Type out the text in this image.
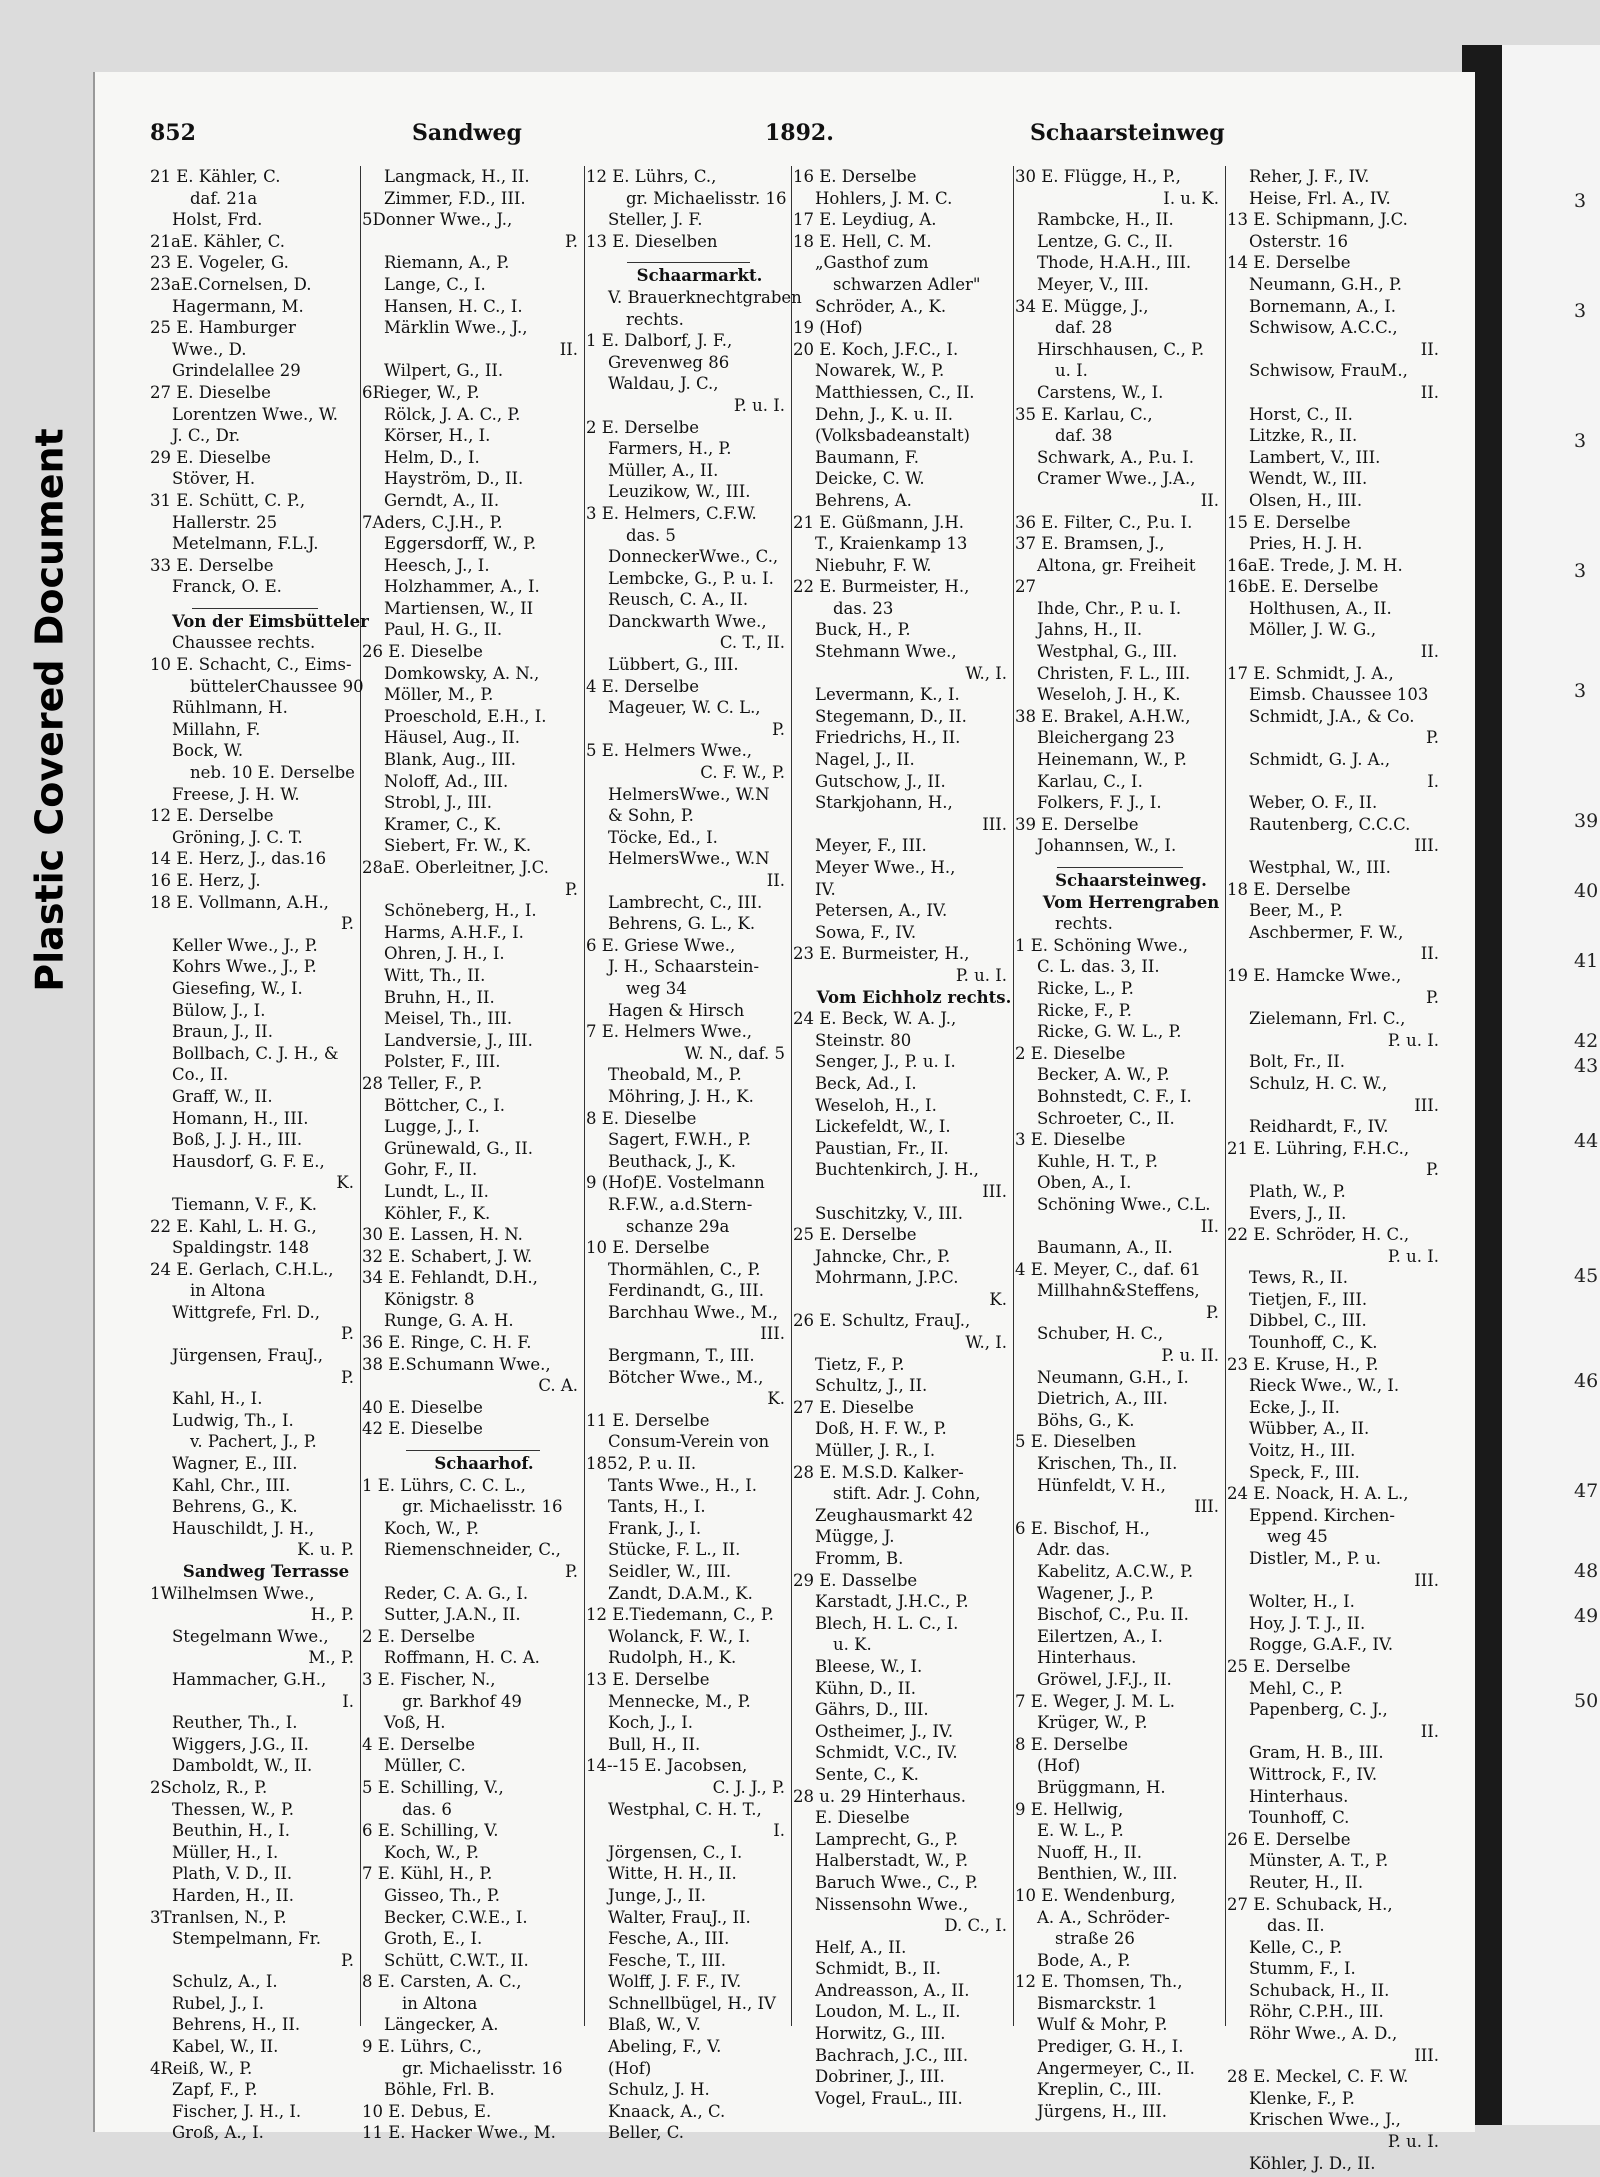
3
3
3
3
3
39
40
41
42
43
44
45
46
47
48
49
50
Plastic Covered Document
852	Sandweg	1892.	Schaarsteinweg
21 E. Kähler, C.
daf. 21a
Holst, Frd.
21aE. Kähler, C.
23 E. Vogeler, G.
23aE.Cornelsen, D.
Hagermann, M.
25 E. Hamburger
Wwe., D.
Grindelallee 29
27 E. Dieselbe
Lorentzen Wwe., W.
J. C., Dr.
29 E. Dieselbe
Stöver, H.
31 E. Schütt, C. P.,
Hallerstr. 25
Metelmann, F.L.J.
33 E. Derselbe
Franck, O. E.
Von der Eimsbütteler
Chaussee rechts.
10 E. Schacht, C., Eims-
büttelerChaussee 90
Rühlmann, H.
Millahn, F.
Bock, W.
neb. 10 E. Derselbe
Freese, J. H. W.
12 E. Derselbe
Gröning, J. C. T.
14 E. Herz, J., das.16
16 E. Herz, J.
18 E. Vollmann, A.H.,
P.
Keller Wwe., J., P.
Kohrs Wwe., J., P.
Giesefing, W., I.
Bülow, J., I.
Braun, J., II.
Bollbach, C. J. H., &
Co., II.
Graff, W., II.
Homann, H., III.
Boß, J. J. H., III.
Hausdorf, G. F. E.,
K.
Tiemann, V. F., K.
22 E. Kahl, L. H. G.,
Spaldingstr. 148
24 E. Gerlach, C.H.L.,
in Altona
Wittgrefe, Frl. D.,
P.
Jürgensen, FrauJ.,
P.
Kahl, H., I.
Ludwig, Th., I.
v. Pachert, J., P.
Wagner, E., III.
Kahl, Chr., III.
Behrens, G., K.
Hauschildt, J. H.,
K. u. P.
Sandweg Terrasse
1Wilhelmsen Wwe.,
H., P.
Stegelmann Wwe.,
M., P.
Hammacher, G.H.,
I.
Reuther, Th., I.
Wiggers, J.G., II.
Damboldt, W., II.
2Scholz, R., P.
Thessen, W., P.
Beuthin, H., I.
Müller, H., I.
Plath, V. D., II.
Harden, H., II.
3Tranlsen, N., P.
Stempelmann, Fr.
P.
Schulz, A., I.
Rubel, J., I.
Behrens, H., II.
Kabel, W., II.
4Reiß, W., P.
Zapf, F., P.
Fischer, J. H., I.
Groß, A., I.
Langmack, H., II.
Zimmer, F.D., III.
5Donner Wwe., J.,
P.
Riemann, A., P.
Lange, C., I.
Hansen, H. C., I.
Märklin Wwe., J.,
II.
Wilpert, G., II.
6Rieger, W., P.
Rölck, J. A. C., P.
Körser, H., I.
Helm, D., I.
Hayström, D., II.
Gerndt, A., II.
7Aders, C.J.H., P.
Eggersdorff, W., P.
Heesch, J., I.
Holzhammer, A., I.
Martiensen, W., II
Paul, H. G., II.
26 E. Dieselbe
Domkowsky, A. N.,
Möller, M., P.
Proeschold, E.H., I.
Häusel, Aug., II.
Blank, Aug., III.
Noloff, Ad., III.
Strobl, J., III.
Kramer, C., K.
Siebert, Fr. W., K.
28aE. Oberleitner, J.C.
P.
Schöneberg, H., I.
Harms, A.H.F., I.
Ohren, J. H., I.
Witt, Th., II.
Bruhn, H., II.
Meisel, Th., III.
Landversie, J., III.
Polster, F., III.
28 Teller, F., P.
Böttcher, C., I.
Lugge, J., I.
Grünewald, G., II.
Gohr, F., II.
Lundt, L., II.
Köhler, F., K.
30 E. Lassen, H. N.
32 E. Schabert, J. W.
34 E. Fehlandt, D.H.,
Königstr. 8
Runge, G. A. H.
36 E. Ringe, C. H. F.
38 E.Schumann Wwe.,
C. A.
40 E. Dieselbe
42 E. Dieselbe
Schaarhof.
1 E. Lührs, C. C. L.,
gr. Michaelisstr. 16
Koch, W., P.
Riemenschneider, C.,
P.
Reder, C. A. G., I.
Sutter, J.A.N., II.
2 E. Derselbe
Roffmann, H. C. A.
3 E. Fischer, N.,
gr. Barkhof 49
Voß, H.
4 E. Derselbe
Müller, C.
5 E. Schilling, V.,
das. 6
6 E. Schilling, V.
Koch, W., P.
7 E. Kühl, H., P.
Gisseo, Th., P.
Becker, C.W.E., I.
Groth, E., I.
Schütt, C.W.T., II.
8 E. Carsten, A. C.,
in Altona
Längecker, A.
9 E. Lührs, C.,
gr. Michaelisstr. 16
Böhle, Frl. B.
10 E. Debus, E.
11 E. Hacker Wwe., M.
12 E. Lührs, C.,
gr. Michaelisstr. 16
Steller, J. F.
13 E. Dieselben
Schaarmarkt.
V. Brauerknechtgraben
rechts.
1 E. Dalborf, J. F.,
Grevenweg 86
Waldau, J. C.,
P. u. I.
2 E. Derselbe
Farmers, H., P.
Müller, A., II.
Leuzikow, W., III.
3 E. Helmers, C.F.W.
das. 5
DonneckerWwe., C.,
Lembcke, G., P. u. I.
Reusch, C. A., II.
Danckwarth Wwe.,
C. T., II.
Lübbert, G., III.
4 E. Derselbe
Mageuer, W. C. L.,
P.
5 E. Helmers Wwe.,
C. F. W., P.
HelmersWwe., W.N
& Sohn, P.
Töcke, Ed., I.
HelmersWwe., W.N
II.
Lambrecht, C., III.
Behrens, G. L., K.
6 E. Griese Wwe.,
J. H., Schaarstein-
weg 34
Hagen & Hirsch
7 E. Helmers Wwe.,
W. N., daf. 5
Theobald, M., P.
Möhring, J. H., K.
8 E. Dieselbe
Sagert, F.W.H., P.
Beuthack, J., K.
9 (Hof)E. Vostelmann
R.F.W., a.d.Stern-
schanze 29a
10 E. Derselbe
Thormählen, C., P.
Ferdinandt, G., III.
Barchhau Wwe., M.,
III.
Bergmann, T., III.
Bötcher Wwe., M.,
K.
11 E. Derselbe
Consum-Verein von
1852, P. u. II.
Tants Wwe., H., I.
Tants, H., I.
Frank, J., I.
Stücke, F. L., II.
Seidler, W., III.
Zandt, D.A.M., K.
12 E.Tiedemann, C., P.
Wolanck, F. W., I.
Rudolph, H., K.
13 E. Derselbe
Mennecke, M., P.
Koch, J., I.
Bull, H., II.
14--15 E. Jacobsen,
C. J. J., P.
Westphal, C. H. T.,
I.
Jörgensen, C., I.
Witte, H. H., II.
Junge, J., II.
Walter, FrauJ., II.
Fesche, A., III.
Fesche, T., III.
Wolff, J. F. F., IV.
Schnellbügel, H., IV
Blaß, W., V.
Abeling, F., V.
(Hof)
Schulz, J. H.
Knaack, A., C.
Beller, C.
16 E. Derselbe
Hohlers, J. M. C.
17 E. Leydiug, A.
18 E. Hell, C. M.
„Gasthof zum
schwarzen Adler"
Schröder, A., K.
19 (Hof)
20 E. Koch, J.F.C., I.
Nowarek, W., P.
Matthiessen, C., II.
Dehn, J., K. u. II.
(Volksbadeanstalt)
Baumann, F.
Deicke, C. W.
Behrens, A.
21 E. Güßmann, J.H.
T., Kraienkamp 13
Niebuhr, F. W.
22 E. Burmeister, H.,
das. 23
Buck, H., P.
Stehmann Wwe.,
W., I.
Levermann, K., I.
Stegemann, D., II.
Friedrichs, H., II.
Nagel, J., II.
Gutschow, J., II.
Starkjohann, H.,
III.
Meyer, F., III.
Meyer Wwe., H.,
IV.
Petersen, A., IV.
Sowa, F., IV.
23 E. Burmeister, H.,
P. u. I.
Vom Eichholz rechts.
24 E. Beck, W. A. J.,
Steinstr. 80
Senger, J., P. u. I.
Beck, Ad., I.
Weseloh, H., I.
Lickefeldt, W., I.
Paustian, Fr., II.
Buchtenkirch, J. H.,
III.
Suschitzky, V., III.
25 E. Derselbe
Jahncke, Chr., P.
Mohrmann, J.P.C.
K.
26 E. Schultz, FrauJ.,
W., I.
Tietz, F., P.
Schultz, J., II.
27 E. Dieselbe
Doß, H. F. W., P.
Müller, J. R., I.
28 E. M.S.D. Kalker-
stift. Adr. J. Cohn,
Zeughausmarkt 42
Mügge, J.
Fromm, B.
29 E. Dasselbe
Karstadt, J.H.C., P.
Blech, H. L. C., I.
u. K.
Bleese, W., I.
Kühn, D., II.
Gährs, D., III.
Ostheimer, J., IV.
Schmidt, V.C., IV.
Sente, C., K.
28 u. 29 Hinterhaus.
E. Dieselbe
Lamprecht, G., P.
Halberstadt, W., P.
Baruch Wwe., C., P.
Nissensohn Wwe.,
D. C., I.
Helf, A., II.
Schmidt, B., II.
Andreasson, A., II.
Loudon, M. L., II.
Horwitz, G., III.
Bachrach, J.C., III.
Dobriner, J., III.
Vogel, FrauL., III.
30 E. Flügge, H., P.,
I. u. K.
Rambcke, H., II.
Lentze, G. C., II.
Thode, H.A.H., III.
Meyer, V., III.
34 E. Mügge, J.,
daf. 28
Hirschhausen, C., P.
u. I.
Carstens, W., I.
35 E. Karlau, C.,
daf. 38
Schwark, A., P.u. I.
Cramer Wwe., J.A.,
II.
36 E. Filter, C., P.u. I.
37 E. Bramsen, J.,
Altona, gr. Freiheit
27
Ihde, Chr., P. u. I.
Jahns, H., II.
Westphal, G., III.
Christen, F. L., III.
Weseloh, J. H., K.
38 E. Brakel, A.H.W.,
Bleichergang 23
Heinemann, W., P.
Karlau, C., I.
Folkers, F. J., I.
39 E. Derselbe
Johannsen, W., I.
Schaarsteinweg.
Vom Herrengraben
rechts.
1 E. Schöning Wwe.,
C. L. das. 3, II.
Ricke, L., P.
Ricke, F., P.
Ricke, G. W. L., P.
2 E. Dieselbe
Becker, A. W., P.
Bohnstedt, C. F., I.
Schroeter, C., II.
3 E. Dieselbe
Kuhle, H. T., P.
Oben, A., I.
Schöning Wwe., C.L.
II.
Baumann, A., II.
4 E. Meyer, C., daf. 61
Millhahn&Steffens,
P.
Schuber, H. C.,
P. u. II.
Neumann, G.H., I.
Dietrich, A., III.
Böhs, G., K.
5 E. Dieselben
Krischen, Th., II.
Hünfeldt, V. H.,
III.
6 E. Bischof, H.,
Adr. das.
Kabelitz, A.C.W., P.
Wagener, J., P.
Bischof, C., P.u. II.
Eilertzen, A., I.
Hinterhaus.
Gröwel, J.F.J., II.
7 E. Weger, J. M. L.
Krüger, W., P.
8 E. Derselbe
(Hof)
Brüggmann, H.
9 E. Hellwig,
E. W. L., P.
Nuoff, H., II.
Benthien, W., III.
10 E. Wendenburg,
A. A., Schröder-
straße 26
Bode, A., P.
12 E. Thomsen, Th.,
Bismarckstr. 1
Wulf & Mohr, P.
Prediger, G. H., I.
Angermeyer, C., II.
Kreplin, C., III.
Jürgens, H., III.
Reher, J. F., IV.
Heise, Frl. A., IV.
13 E. Schipmann, J.C.
Osterstr. 16
14 E. Derselbe
Neumann, G.H., P.
Bornemann, A., I.
Schwisow, A.C.C.,
II.
Schwisow, FrauM.,
II.
Horst, C., II.
Litzke, R., II.
Lambert, V., III.
Wendt, W., III.
Olsen, H., III.
15 E. Derselbe
Pries, H. J. H.
16aE. Trede, J. M. H.
16bE. E. Derselbe
Holthusen, A., II.
Möller, J. W. G.,
II.
17 E. Schmidt, J. A.,
Eimsb. Chaussee 103
Schmidt, J.A., & Co.
P.
Schmidt, G. J. A.,
I.
Weber, O. F., II.
Rautenberg, C.C.C.
III.
Westphal, W., III.
18 E. Derselbe
Beer, M., P.
Aschbermer, F. W.,
II.
19 E. Hamcke Wwe.,
P.
Zielemann, Frl. C.,
P. u. I.
Bolt, Fr., II.
Schulz, H. C. W.,
III.
Reidhardt, F., IV.
21 E. Lühring, F.H.C.,
P.
Plath, W., P.
Evers, J., II.
22 E. Schröder, H. C.,
P. u. I.
Tews, R., II.
Tietjen, F., III.
Dibbel, C., III.
Tounhoff, C., K.
23 E. Kruse, H., P.
Rieck Wwe., W., I.
Ecke, J., II.
Wübber, A., II.
Voitz, H., III.
Speck, F., III.
24 E. Noack, H. A. L.,
Eppend. Kirchen-
weg 45
Distler, M., P. u.
III.
Wolter, H., I.
Hoy, J. T. J., II.
Rogge, G.A.F., IV.
25 E. Derselbe
Mehl, C., P.
Papenberg, C. J.,
II.
Gram, H. B., III.
Wittrock, F., IV.
Hinterhaus.
Tounhoff, C.
26 E. Derselbe
Münster, A. T., P.
Reuter, H., II.
27 E. Schuback, H.,
das. II.
Kelle, C., P.
Stumm, F., I.
Schuback, H., II.
Röhr, C.P.H., III.
Röhr Wwe., A. D.,
III.
28 E. Meckel, C. F. W.
Klenke, F., P.
Krischen Wwe., J.,
P. u. I.
Köhler, J. D., II.
